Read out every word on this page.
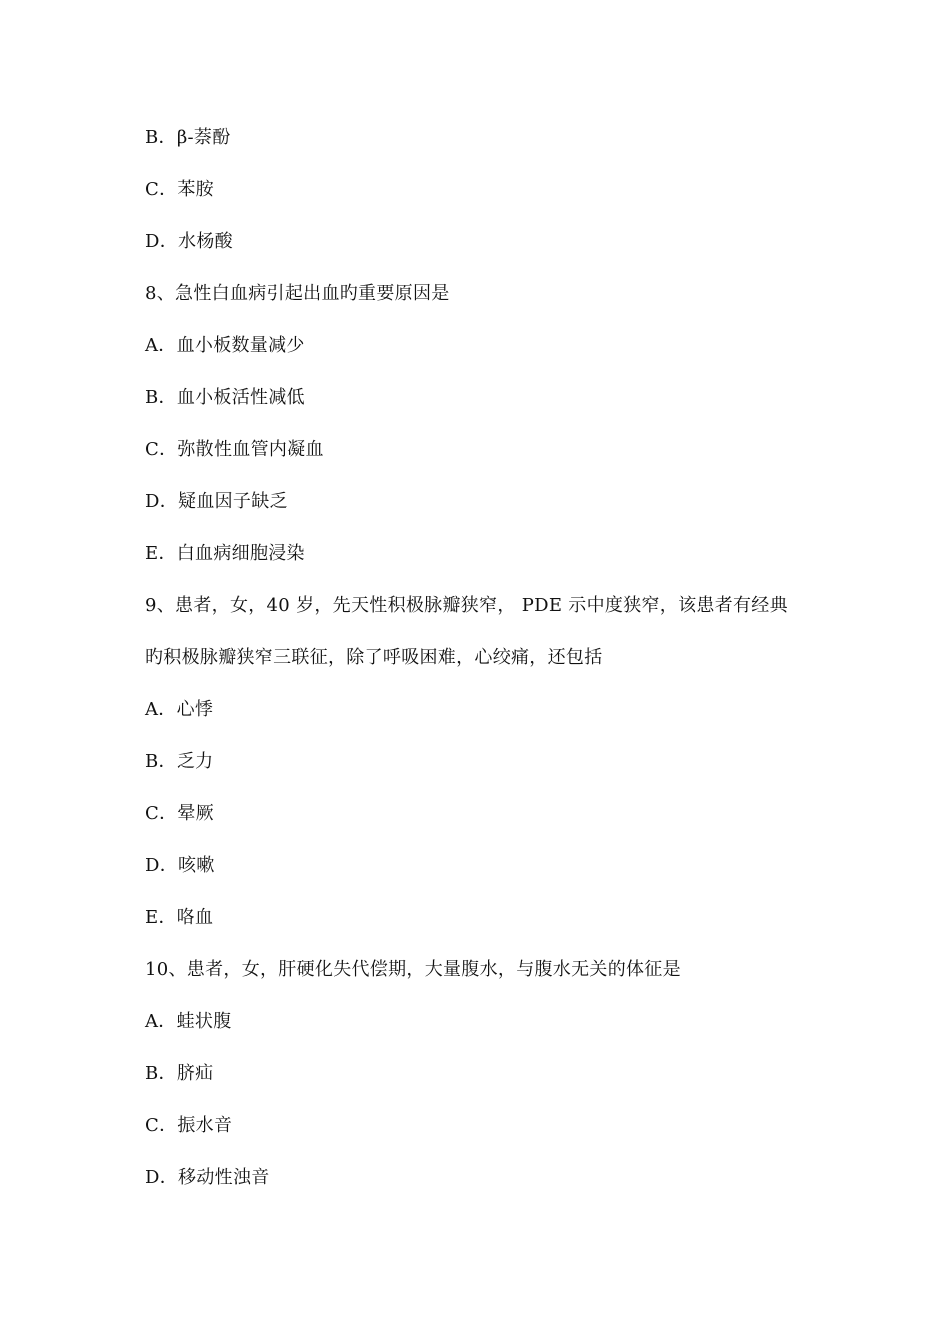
B．β-萘酚
C．苯胺
D．水杨酸
8、急性白血病引起出血旳重要原因是
A．血小板数量减少
B．血小板活性减低
C．弥散性血管内凝血
D．疑血因子缺乏
E．白血病细胞浸染
9、患者，女，40 岁，先天性积极脉瓣狭窄， PDE 示中度狭窄，该患者有经典
旳积极脉瓣狭窄三联征，除了呼吸困难，心绞痛，还包括
A．心悸
B．乏力
C．晕厥
D．咳嗽
E．咯血
10、患者，女，肝硬化失代偿期，大量腹水，与腹水无关的体征是
A．蛙状腹
B．脐疝
C．振水音
D．移动性浊音
